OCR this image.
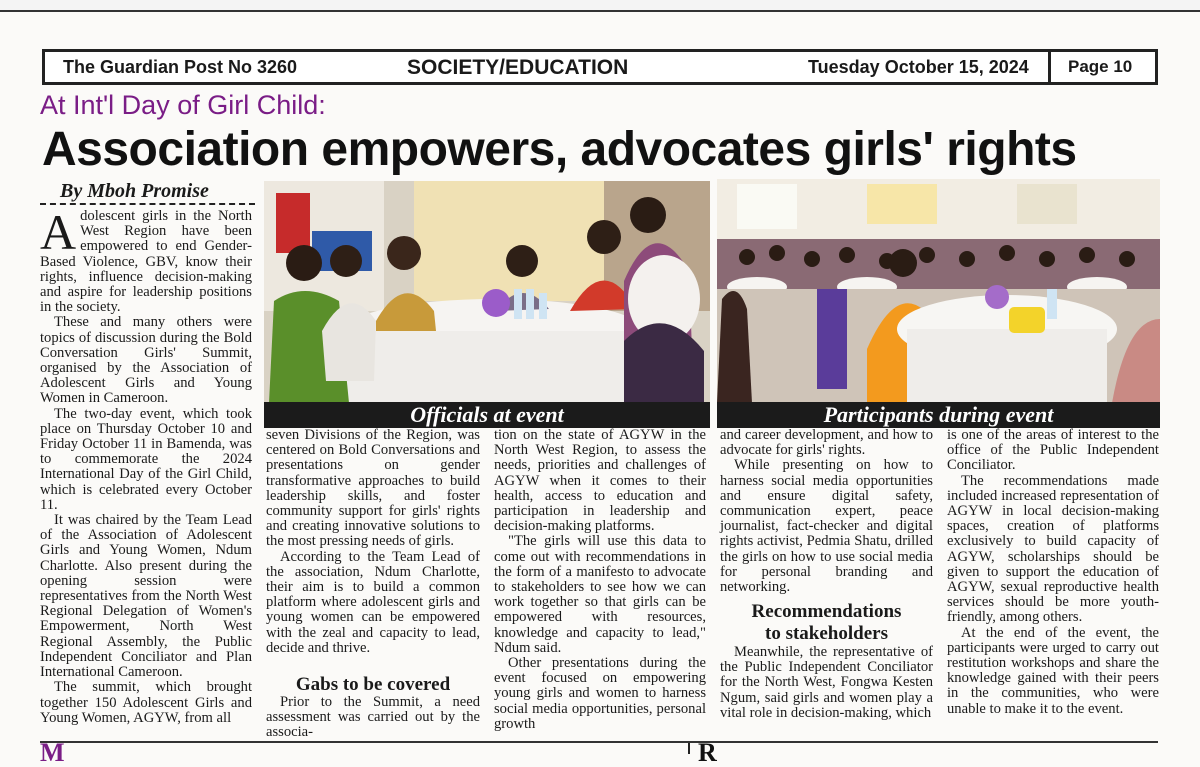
The Guardian Post No 3260	SOCIETY/EDUCATION	Tuesday October 15, 2024 Page 10
At Int'l Day of Girl Child:
Association empowers, advocates girls' rights
By Mboh Promise

Adolescent girls in the North West Region have been empowered to end Gender-Based Violence, GBV, know their rights, influence decision-making and aspire for leadership positions in the society.

These and many others were topics of discussion during the Bold Conversation Girls' Summit, organised by the Association of Adolescent Girls and Young Women in Cameroon.

The two-day event, which took place on Thursday October 10 and Friday October 11 in Bamenda, was to commemorate the 2024 International Day of the Girl Child, which is celebrated every October 11.

It was chaired by the Team Lead of the Association of Adolescent Girls and Young Women, Ndum Charlotte. Also present during the opening session were representatives from the North West Regional Delegation of Women's Empowerment, North West Regional Assembly, the Public Independent Conciliator and Plan International Cameroon.

The summit, which brought together 150 Adolescent Girls and Young Women, AGYW, from all

Officials at event	Participants during event

seven Divisions of the Region, was centered on Bold Conversations and presentations on gender transformative approaches to build leadership skills, and foster community support for girls' rights and creating innovative solutions to the most pressing needs of girls.

According to the Team Lead of the association, Ndum Charlotte, their aim is to build a common platform where adolescent girls and young women can be empowered with the zeal and capacity to lead, decide and thrive.

Gabs to be covered

Prior to the Summit, a need assessment was carried out by the associa-

tion on the state of AGYW in the North West Region, to assess the needs, priorities and challenges of AGYW when it comes to their health, access to education and participation in leadership and decision-making platforms.

"The girls will use this data to come out with recommendations in the form of a manifesto to advocate to stakeholders to see how we can work together so that girls can be empowered with resources, knowledge and capacity to lead," Ndum said.

Other presentations during the event focused on empowering young girls and women to harness social media opportunities, personal growth

and career development, and how to advocate for girls' rights.

While presenting on how to harness social media opportunities and ensure digital safety, communication expert, peace journalist, fact-checker and digital rights activist, Pedmia Shatu, drilled the girls on how to use social media for personal branding and networking.

Recommendations
to stakeholders

Meanwhile, the representative of the Public Independent Conciliator for the North West, Fongwa Kesten Ngum, said girls and women play a vital role in decision-making, which

is one of the areas of interest to the office of the Public Independent Conciliator.

The recommendations made included increased representation of AGYW in local decision-making spaces, creation of platforms exclusively to build capacity of AGYW, scholarships should be given to support the education of AGYW, sexual reproductive health services should be more youth-friendly, among others.

At the end of the event, the participants were urged to carry out restitution workshops and share the knowledge gained with their peers in the communities, who were unable to make it to the event.

M	R
